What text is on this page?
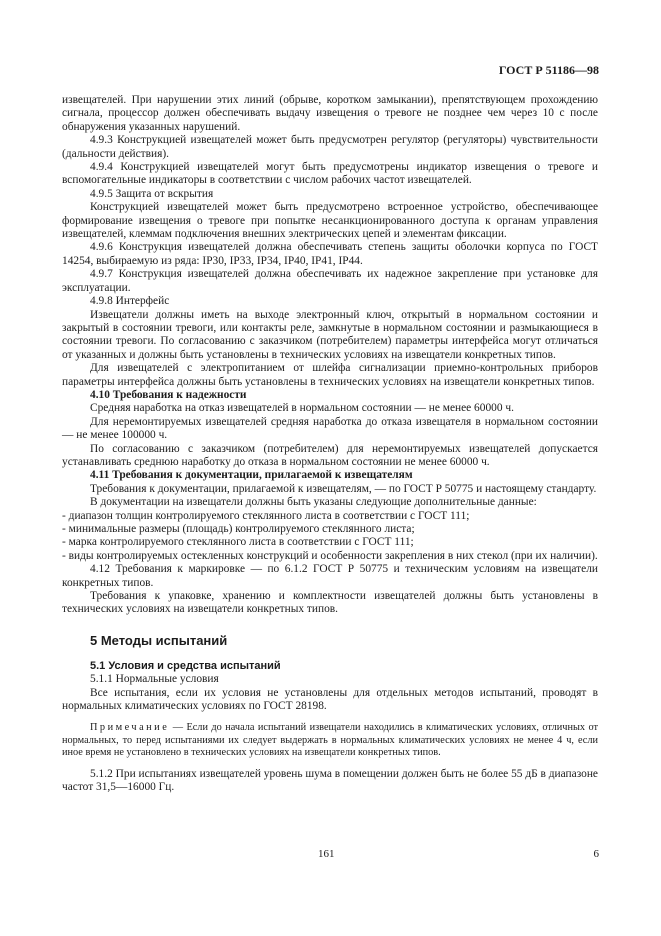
ГОСТ Р 51186—98

извещателей. При нарушении этих линий (обрыве, коротком замыкании), препятствующем прохождению сигнала, процессор должен обеспечивать выдачу извещения о тревоге не позднее чем через 10 с после обнаружения указанных нарушений.

4.9.3 Конструкцией извещателей может быть предусмотрен регулятор (регуляторы) чувствительности (дальности действия).

4.9.4 Конструкцией извещателей могут быть предусмотрены индикатор извещения о тревоге и вспомогательные индикаторы в соответствии с числом рабочих частот извещателей.

4.9.5 Защита от вскрытия

Конструкцией извещателей может быть предусмотрено встроенное устройство, обеспечивающее формирование извещения о тревоге при попытке несанкционированного доступа к органам управления извещателей, клеммам подключения внешних электрических цепей и элементам фиксации.

4.9.6 Конструкция извещателей должна обеспечивать степень защиты оболочки корпуса по ГОСТ 14254, выбираемую из ряда: IP30, IP33, IP34, IP40, IP41, IP44.

4.9.7 Конструкция извещателей должна обеспечивать их надежное закрепление при установке для эксплуатации.

4.9.8 Интерфейс

Извещатели должны иметь на выходе электронный ключ, открытый в нормальном состоянии и закрытый в состоянии тревоги, или контакты реле, замкнутые в нормальном состоянии и размыкающиеся в состоянии тревоги. По согласованию с заказчиком (потребителем) параметры интерфейса могут отличаться от указанных и должны быть установлены в технических условиях на извещатели конкретных типов.

Для извещателей с электропитанием от шлейфа сигнализации приемно-контрольных приборов параметры интерфейса должны быть установлены в технических условиях на извещатели конкретных типов.

4.10 Требования к надежности

Средняя наработка на отказ извещателей в нормальном состоянии — не менее 60000 ч.

Для неремонтируемых извещателей средняя наработка до отказа извещателя в нормальном состоянии — не менее 100000 ч.

По согласованию с заказчиком (потребителем) для неремонтируемых извещателей допускается устанавливать среднюю наработку до отказа в нормальном состоянии не менее 60000 ч.

4.11 Требования к документации, прилагаемой к извещателям

Требования к документации, прилагаемой к извещателям, — по ГОСТ Р 50775 и настоящему стандарту.

В документации на извещатели должны быть указаны следующие дополнительные данные:

- диапазон толщин контролируемого стеклянного листа в соответствии с ГОСТ 111;
- минимальные размеры (площадь) контролируемого стеклянного листа;
- марка контролируемого стеклянного листа в соответствии с ГОСТ 111;
- виды контролируемых остекленных конструкций и особенности закрепления в них стекол (при их наличии).

4.12 Требования к маркировке — по 6.1.2 ГОСТ Р 50775 и техническим условиям на извещатели конкретных типов.

Требования к упаковке, хранению и комплектности извещателей должны быть установлены в технических условиях на извещатели конкретных типов.

5 Методы испытаний

5.1 Условия и средства испытаний

5.1.1 Нормальные условия

Все испытания, если их условия не установлены для отдельных методов испытаний, проводят в нормальных климатических условиях по ГОСТ 28198.

Примечание — Если до начала испытаний извещатели находились в климатических условиях, отличных от нормальных, то перед испытаниями их следует выдержать в нормальных климатических условиях не менее 4 ч, если иное время не установлено в технических условиях на извещатели конкретных типов.

5.1.2 При испытаниях извещателей уровень шума в помещении должен быть не более 55 дБ в диапазоне частот 31,5—16000 Гц.

161	6
